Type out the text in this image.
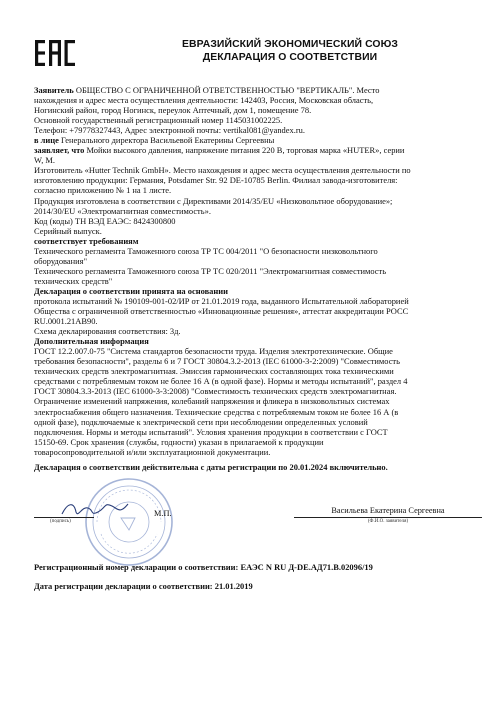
ЕВРАЗИЙСКИЙ ЭКОНОМИЧЕСКИЙ СОЮЗ
ДЕКЛАРАЦИЯ О СООТВЕТСТВИИ

Заявитель ОБЩЕСТВО С ОГРАНИЧЕННОЙ ОТВЕТСТВЕННОСТЬЮ "ВЕРТИКАЛЬ". Место

нахождения и адрес места осуществления деятельности: 142403, Россия, Московская область,

Ногинский район, город Ногинск, переулок Аптечный, дом 1, помещение 78.

Основной государственный регистрационный номер 1145031002225.

Телефон: +79778327443, Адрес электронной почты: vertikal081@yandex.ru.

в лице Генерального директора Васильевой Екатерины Сергеевны

заявляет, что Мойки высокого давления, напряжение питания 220 В, торговая марка «HUTER», серии

W, M.

Изготовитель «Hutter Technik GmbH». Место нахождения и адрес места осуществления деятельности по

изготовлению продукции: Германия, Potsdamer Str. 92 DE-10785 Berlin. Филиал завода-изготовителя:

согласно приложению № 1 на 1 листе.

Продукция изготовлена в соответствии с Директивами 2014/35/EU «Низковольтное оборудование»;

2014/30/EU «Электромагнитная совместимость».

Код (коды) ТН ВЭД ЕАЭС: 8424300800

Серийный выпуск.

соответствует требованиям

Технического регламента Таможенного союза ТР ТС 004/2011 "О безопасности низковольтного

оборудования"

Технического регламента Таможенного союза ТР ТС 020/2011 "Электромагнитная совместимость

технических средств"

Декларация о соответствии принята на основании

протокола испытаний № 190109-001-02/ИР от 21.01.2019 года, выданного Испытательной лабораторией

Общества с ограниченной ответственностью «Инновационные решения», аттестат аккредитации РОСС

RU.0001.21АВ90.

Схема декларирования соответствия: 3д.

Дополнительная информация

ГОСТ 12.2.007.0-75 "Система стандартов безопасности труда. Изделия электротехнические. Общие

требования безопасности", разделы 6 и 7 ГОСТ 30804.3.2-2013 (IEC 61000-3-2:2009) "Совместимость

технических средств электромагнитная. Эмиссия гармонических составляющих тока техническими

средствами с потребляемым током не более 16 А (в одной фазе). Нормы и методы испытаний", раздел 4

ГОСТ 30804.3.3-2013 (IEC 61000-3-3:2008) "Совместимость технических средств электромагнитная.

Ограничение изменений напряжения, колебаний напряжения и фликера в низковольтных системах

электроснабжения общего назначения. Технические средства с потребляемым током не более 16 А (в

одной фазе), подключаемые к электрической сети при несоблюдении определенных условий

подключения. Нормы и методы испытаний". Условия хранения продукции в соответствии с ГОСТ

15150-69. Срок хранения (службы, годности) указан в прилагаемой к продукции

товаросопроводительной и/или эксплуатационной документации.

Декларация о соответствии действительна с даты регистрации по 20.01.2024 включительно.

(подпись)
М.П.	Васильева Екатерина Сергеевна
(Ф.И.О. заявителя)
Регистрационный номер декларации о соответствии: ЕАЭС N RU Д-DE.АД71.В.02096/19
Дата регистрации декларации о соответствии: 21.01.2019
